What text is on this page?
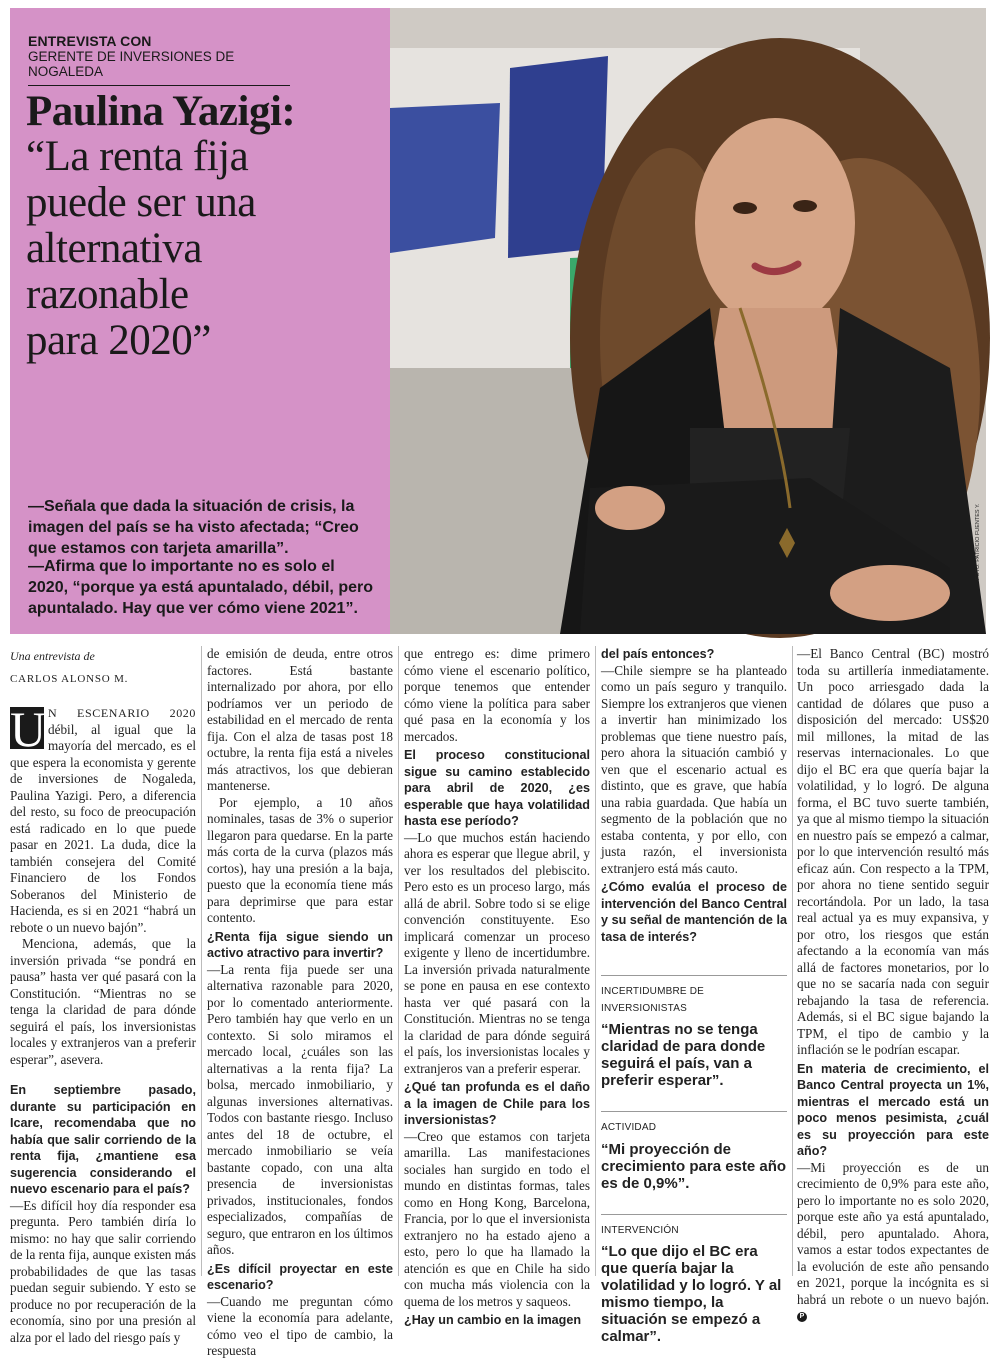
ENTREVISTA CON
GERENTE DE INVERSIONES DE NOGALEDA
Paulina Yazigi:
“La renta fija
puede ser una
alternativa
razonable
para 2020”
—Señala que dada la situación de crisis, la imagen del país se ha visto afectada; “Creo que estamos con tarjeta amarilla”.
—Afirma que lo importante no es solo el 2020, “porque ya está apuntalado, débil, pero apuntalado. Hay que ver cómo viene 2021”.
FOTO: PATRICIO FUENTES Y.
Una entrevista de
CARLOS ALONSO M.

U N ESCENARIO 2020 débil, al igual que la mayoría del mercado, es el que espera la economista y gerente de inversiones de Nogaleda, Paulina Yazigi. Pero, a diferencia del resto, su foco de preocupación está radicado en lo que puede pasar en 2021. La duda, dice la también consejera del Comité Financiero de los Fondos Soberanos del Ministerio de Hacienda, es si en 2021 “habrá un rebote o un nuevo bajón”.

Menciona, además, que la inversión privada “se pondrá en pausa” hasta ver qué pasará con la Constitución. “Mientras no se tenga la claridad de para dónde seguirá el país, los inversionistas locales y extranjeros van a preferir esperar”, asevera.

En septiembre pasado, durante su participación en Icare, recomendaba que no había que salir corriendo de la renta fija, ¿mantiene esa sugerencia considerando el nuevo escenario para el país?

—Es difícil hoy día responder esa pregunta. Pero también diría lo mismo: no hay que salir corriendo de la renta fija, aunque existen más probabilidades de que las tasas puedan seguir subiendo. Y esto se produce no por recuperación de la economía, sino por una presión al alza por el lado del riesgo país y

de emisión de deuda, entre otros factores. Está bastante internalizado por ahora, por ello podríamos ver un periodo de estabilidad en el mercado de renta fija. Con el alza de tasas post 18 octubre, la renta fija está a niveles más atractivos, los que debieran mantenerse.

Por ejemplo, a 10 años nominales, tasas de 3% o superior llegaron para quedarse. En la parte más corta de la curva (plazos más cortos), hay una presión a la baja, puesto que la economía tiene más para deprimirse que para estar contento.

¿Renta fija sigue siendo un activo atractivo para invertir?

—La renta fija puede ser una alternativa razonable para 2020, por lo comentado anteriormente. Pero también hay que verlo en un contexto. Si solo miramos el mercado local, ¿cuáles son las alternativas a la renta fija? La bolsa, mercado inmobiliario, y algunas inversiones alternativas. Todos con bastante riesgo. Incluso antes del 18 de octubre, el mercado inmobiliario se veía bastante copado, con una alta presencia de inversionistas privados, institucionales, fondos especializados, compañías de seguro, que entraron en los últimos años.

¿Es difícil proyectar en este escenario?

—Cuando me preguntan cómo viene la economía para adelante, cómo veo el tipo de cambio, la respuesta

que entrego es: dime primero cómo viene el escenario político, porque tenemos que entender cómo viene la política para saber qué pasa en la economía y los mercados.

El proceso constitucional sigue su camino establecido para abril de 2020, ¿es esperable que haya volatilidad hasta ese período?

—Lo que muchos están haciendo ahora es esperar que llegue abril, y ver los resultados del plebiscito. Pero esto es un proceso largo, más allá de abril. Sobre todo si se elige convención constituyente. Eso implicará comenzar un proceso exigente y lleno de incertidumbre. La inversión privada naturalmente se pone en pausa en ese contexto hasta ver qué pasará con la Constitución. Mientras no se tenga la claridad de para dónde seguirá el país, los inversionistas locales y extranjeros van a preferir esperar.

¿Qué tan profunda es el daño a la imagen de Chile para los inversionistas?

—Creo que estamos con tarjeta amarilla. Las manifestaciones sociales han surgido en todo el mundo en distintas formas, tales como en Hong Kong, Barcelona, Francia, por lo que el inversionista extranjero no ha estado ajeno a esto, pero lo que ha llamado la atención es que en Chile ha sido con mucha más violencia con la quema de los metros y saqueos.

¿Hay un cambio en la imagen

del país entonces?

—Chile siempre se ha planteado como un país seguro y tranquilo. Siempre los extranjeros que vienen a invertir han minimizado los problemas que tiene nuestro país, pero ahora la situación cambió y ven que el escenario actual es distinto, que es grave, que había una rabia guardada. Que había un segmento de la población que no estaba contenta, y por ello, con justa razón, el inversionista extranjero está más cauto.

¿Cómo evalúa el proceso de intervención del Banco Central y su señal de mantención de la tasa de interés?

INCERTIDUMBRE DE INVERSIONISTAS
“Mientras no se tenga claridad de para donde seguirá el país, van a preferir esperar”.
ACTIVIDAD
“Mi proyección de crecimiento para este año es de 0,9%”.
INTERVENCIÓN
“Lo que dijo el BC era que quería bajar la volatilidad y lo logró. Y al mismo tiempo, la situación se empezó a calmar”.

—El Banco Central (BC) mostró toda su artillería inmediatamente. Un poco arriesgado dada la cantidad de dólares que puso a disposición del mercado: US$20 mil millones, la mitad de las reservas internacionales. Lo que dijo el BC era que quería bajar la volatilidad, y lo logró. De alguna forma, el BC tuvo suerte también, ya que al mismo tiempo la situación en nuestro país se empezó a calmar, por lo que intervención resultó más eficaz aún. Con respecto a la TPM, por ahora no tiene sentido seguir recortándola. Por un lado, la tasa real actual ya es muy expansiva, y por otro, los riesgos que están afectando a la economía van más allá de factores monetarios, por lo que no se sacaría nada con seguir rebajando la tasa de referencia. Además, si el BC sigue bajando la TPM, el tipo de cambio y la inflación se le podrían escapar.

En materia de crecimiento, el Banco Central proyecta un 1%, mientras el mercado está un poco menos pesimista, ¿cuál es su proyección para este año?

—Mi proyección es de un crecimiento de 0,9% para este año, pero lo importante no es solo 2020, porque este año ya está apuntalado, débil, pero apuntalado. Ahora, vamos a estar todos expectantes de la evolución de este año pensando en 2021, porque la incógnita es si habrá un rebote o un nuevo bajón. P
